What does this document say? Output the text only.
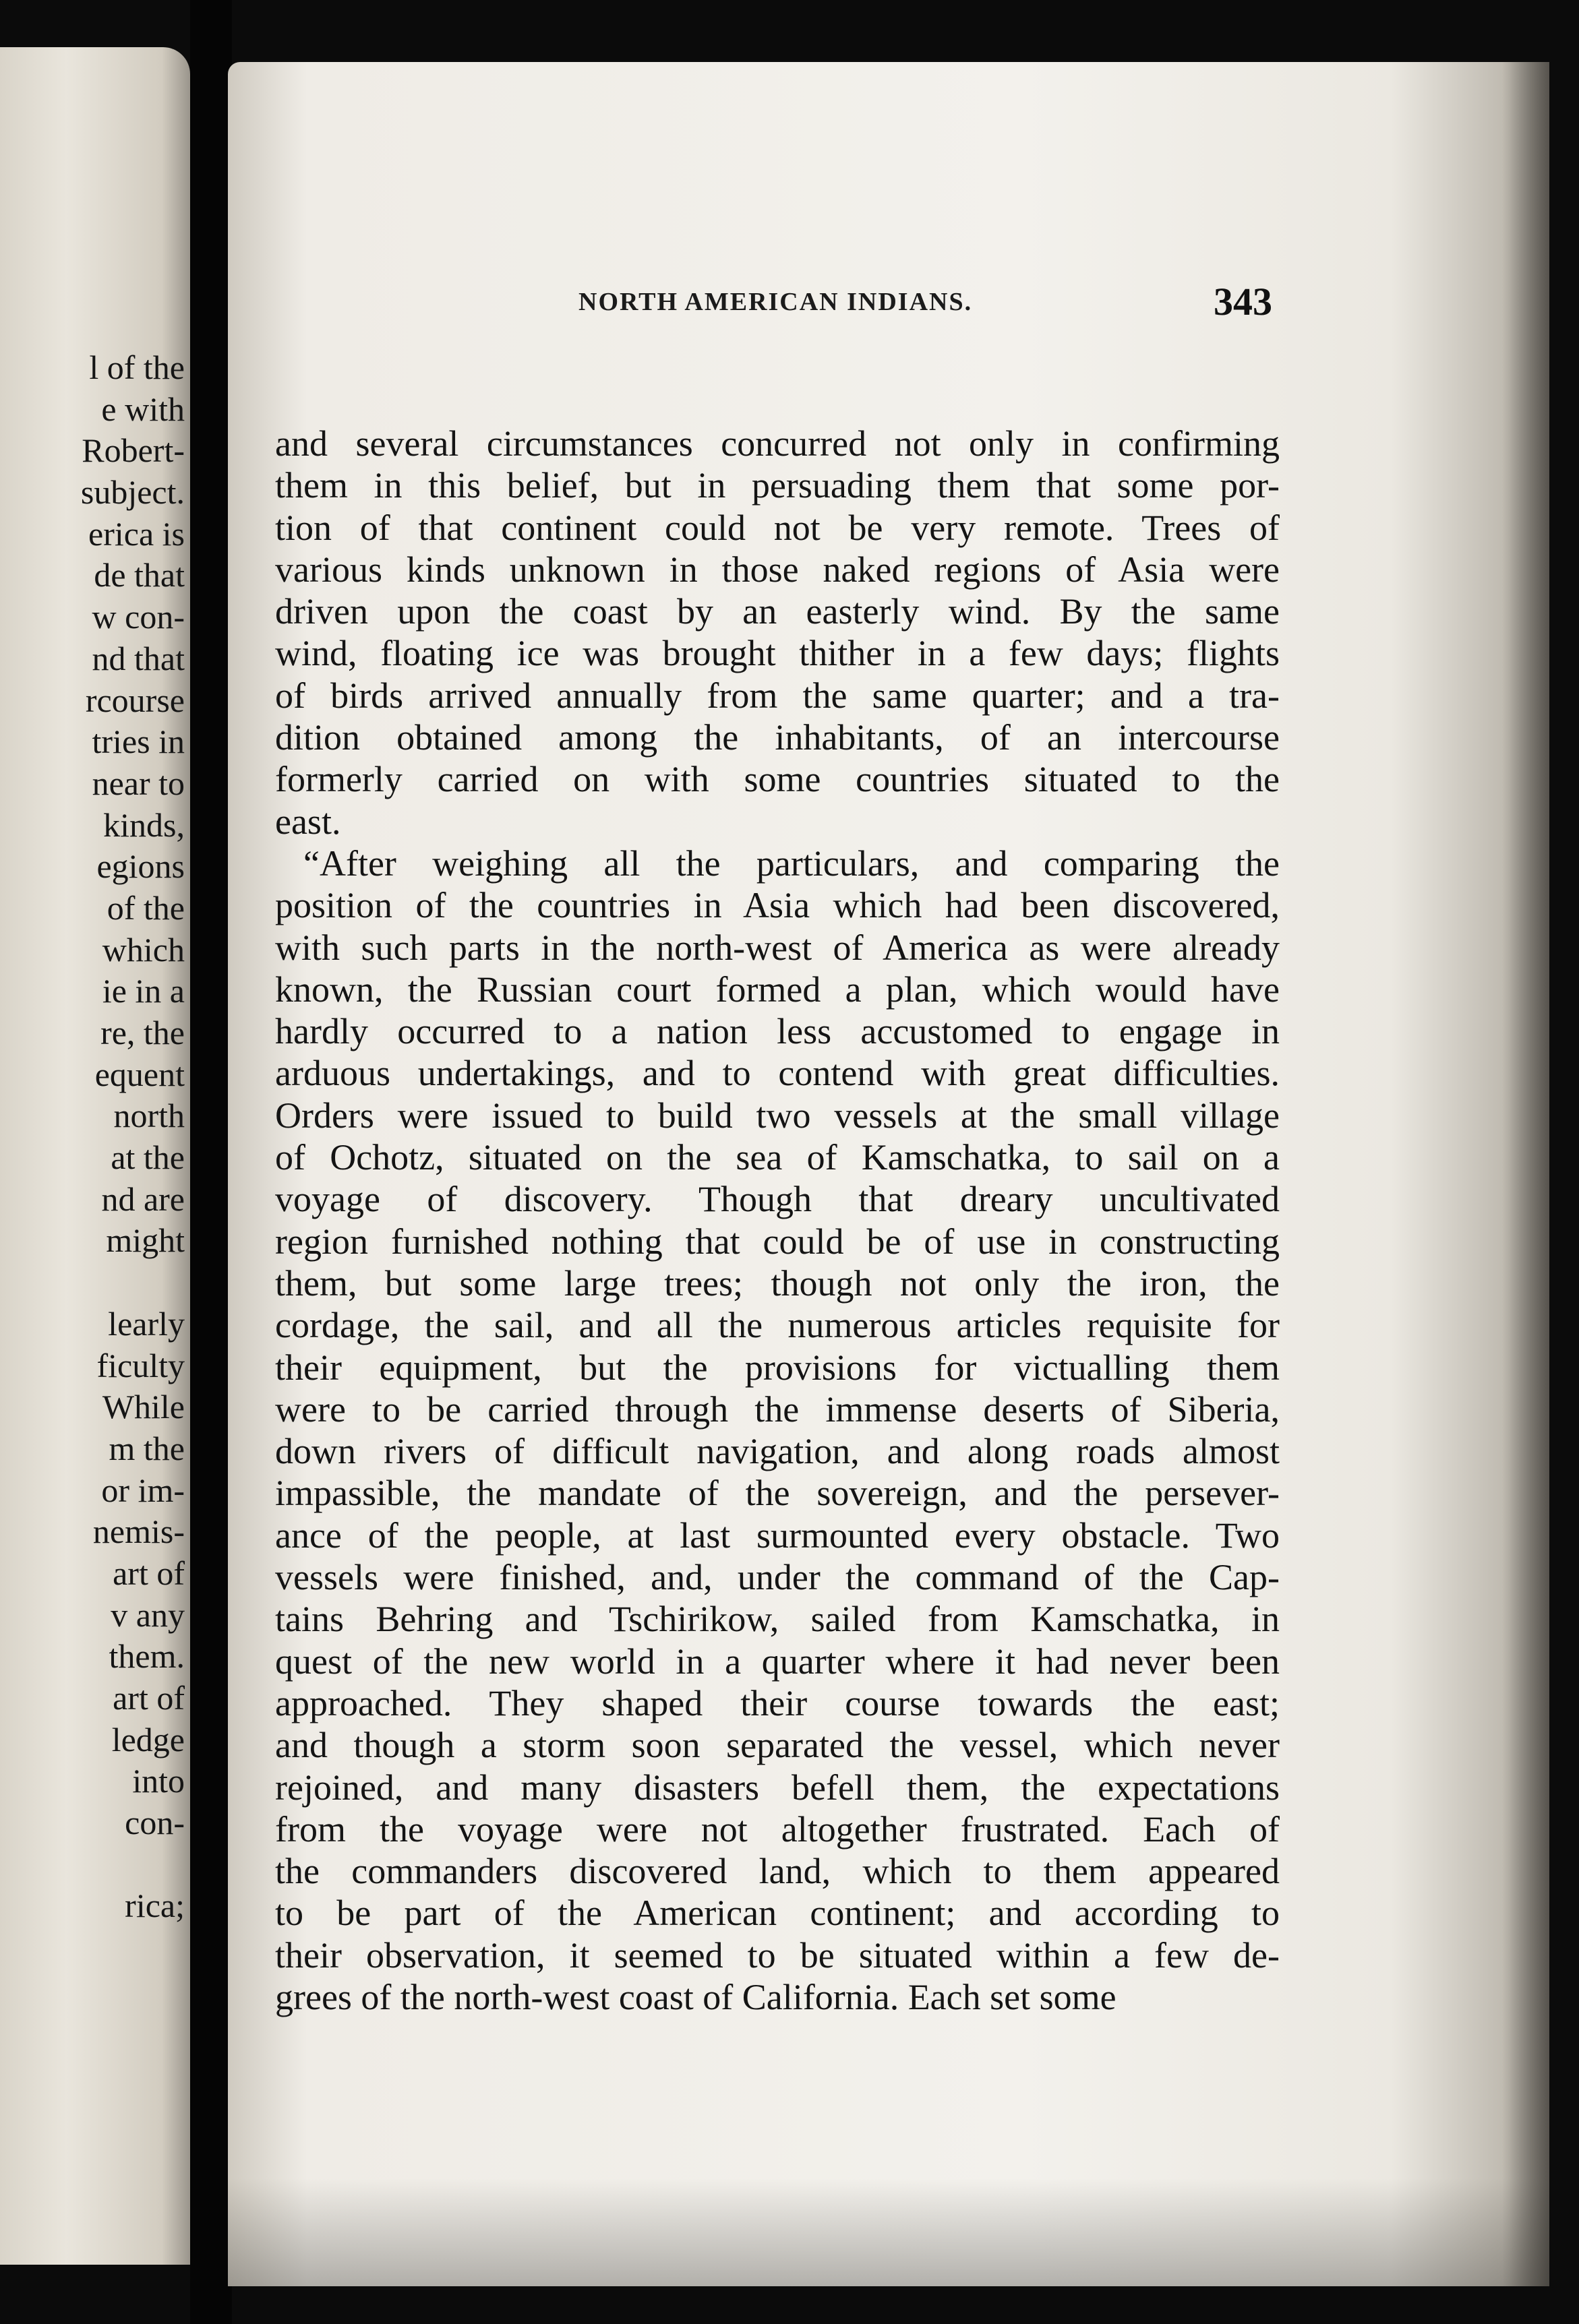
l of the
e with
Robert-
subject.
erica is
de that
w con-
nd that
rcourse
tries in
near to
kinds,
egions
of the
which
ie in a
re, the
equent
north
at the
nd are
might
learly
ficulty
While
m the
or im-
nemis-
art of
v any
them.
art of
ledge
into
con-
rica;
NORTH AMERICAN INDIANS.	343
and several circumstances concurred not only in confirming
them in this belief, but in persuading them that some por-
tion of that continent could not be very remote. Trees of
various kinds unknown in those naked regions of Asia were
driven upon the coast by an easterly wind. By the same
wind, floating ice was brought thither in a few days; flights
of birds arrived annually from the same quarter; and a tra-
dition obtained among the inhabitants, of an intercourse
formerly carried on with some countries situated to the
east.
“After weighing all the particulars, and comparing the
position of the countries in Asia which had been discovered,
with such parts in the north-west of America as were already
known, the Russian court formed a plan, which would have
hardly occurred to a nation less accustomed to engage in
arduous undertakings, and to contend with great difficulties.
Orders were issued to build two vessels at the small village
of Ochotz, situated on the sea of Kamschatka, to sail on a
voyage of discovery. Though that dreary uncultivated
region furnished nothing that could be of use in constructing
them, but some large trees; though not only the iron, the
cordage, the sail, and all the numerous articles requisite for
their equipment, but the provisions for victualling them
were to be carried through the immense deserts of Siberia,
down rivers of difficult navigation, and along roads almost
impassible, the mandate of the sovereign, and the persever-
ance of the people, at last surmounted every obstacle. Two
vessels were finished, and, under the command of the Cap-
tains Behring and Tschirikow, sailed from Kamschatka, in
quest of the new world in a quarter where it had never been
approached. They shaped their course towards the east;
and though a storm soon separated the vessel, which never
rejoined, and many disasters befell them, the expectations
from the voyage were not altogether frustrated. Each of
the commanders discovered land, which to them appeared
to be part of the American continent; and according to
their observation, it seemed to be situated within a few de-
grees of the north-west coast of California. Each set some
